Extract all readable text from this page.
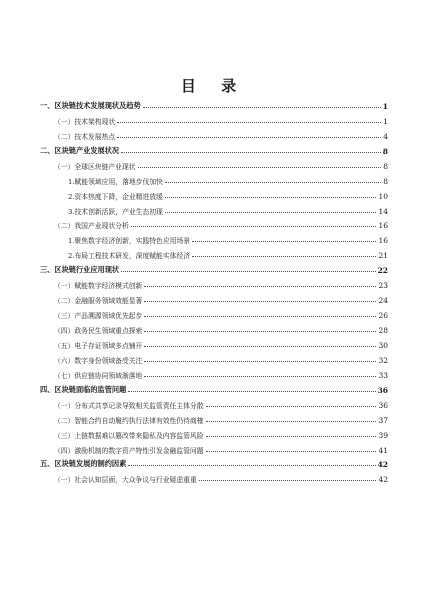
目 录
一、区块链技术发展现状及趋势	1
（一）技术架构现状	1
（二）技术发展热点	4
二、区块链产业发展状况	8
（一）全球区块链产业现状	8
1.赋能领域应用，落地步伐加快	8
2.资本热度下降，企业精进放缓	10
3.技术创新活跃，产业生态初现	14
（二）我国产业现状分析	16
1.聚焦数字经济创新，实践特色应用场景	16
2.布局工程技术研发，深度赋能实体经济	21
三、区块链行业应用现状	22
（一）赋能数字经济模式创新	23
（二）金融服务领域效能显著	24
（三）产品溯源领域优先起步	26
（四）政务民生领域重点探索	28
（五）电子存证领域多点铺开	30
（六）数字身份领域备受关注	32
（七）供应链协同领域渐落地	33
四、区块链面临的监管问题	36
（一）分布式共享记录导致相关监管责任主体分散	36
（二）智能合约自动履约执行法律有效性仍待商榷	37
（三）上链数据难以篡改带来隐私及内容监管风险	39
（四）激励机制的数字资产特性引发金融监管问题	41
五、区块链发展的制约因素	42
（一）社会认知层面，大众争议与行业疑虑重重	42
